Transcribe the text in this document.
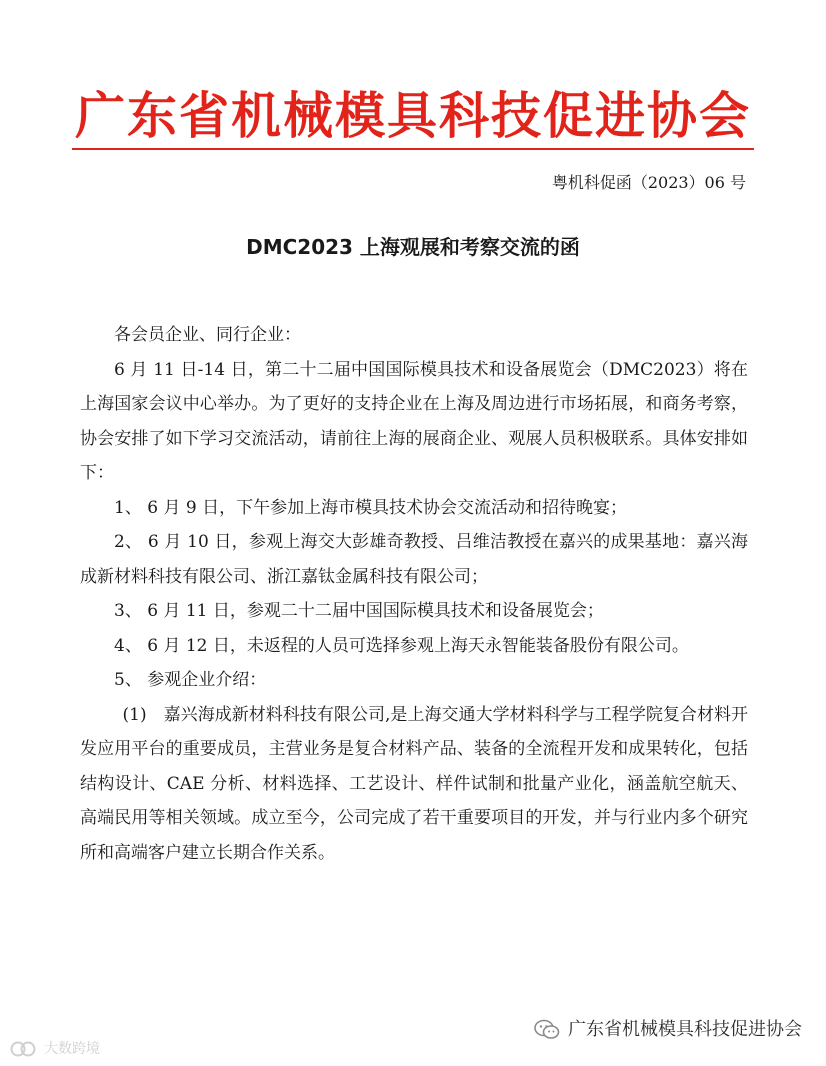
广东省机械模具科技促进协会
粤机科促函（2023）06 号
DMC2023 上海观展和考察交流的函

各会员企业、同行企业：

6 月 11 日-14 日，第二十二届中国国际模具技术和设备展览会（DMC2023）将在上海国家会议中心举办。为了更好的支持企业在上海及周边进行市场拓展，和商务考察，协会安排了如下学习交流活动，请前往上海的展商企业、观展人员积极联系。具体安排如下：

1、 6 月 9 日，下午参加上海市模具技术协会交流活动和招待晚宴；

2、 6 月 10 日，参观上海交大彭雄奇教授、吕维洁教授在嘉兴的成果基地：嘉兴海成新材料科技有限公司、浙江嘉钛金属科技有限公司；

3、 6 月 11 日，参观二十二届中国国际模具技术和设备展览会；

4、 6 月 12 日，未返程的人员可选择参观上海天永智能装备股份有限公司。

5、 参观企业介绍：

(1)　嘉兴海成新材料科技有限公司,是上海交通大学材料科学与工程学院复合材料开发应用平台的重要成员，主营业务是复合材料产品、装备的全流程开发和成果转化，包括结构设计、CAE 分析、材料选择、工艺设计、样件试制和批量产业化，涵盖航空航天、高端民用等相关领域。成立至今，公司完成了若干重要项目的开发，并与行业内多个研究所和高端客户建立长期合作关系。

广东省机械模具科技促进协会
大数跨境
